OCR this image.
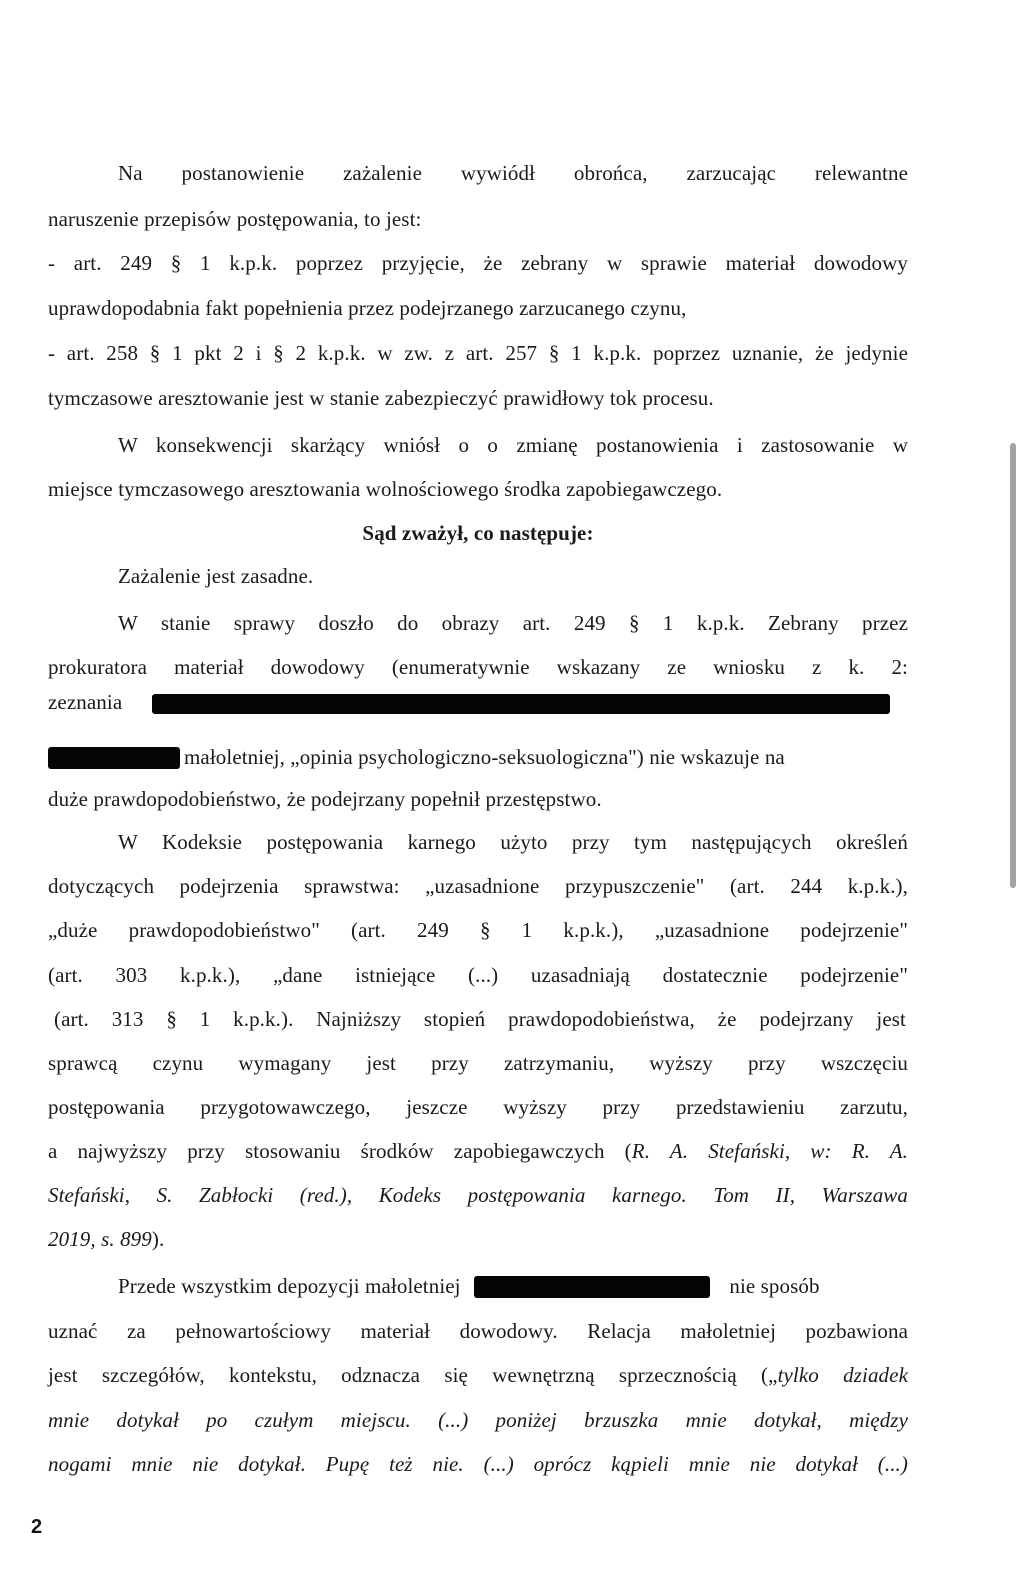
Na postanowienie zażalenie wywiódł obrońca, zarzucając relewantne
naruszenie przepisów postępowania, to jest:
- art. 249 § 1 k.p.k. poprzez przyjęcie, że zebrany w sprawie materiał dowodowy
uprawdopodabnia fakt popełnienia przez podejrzanego zarzucanego czynu,
- art. 258 § 1 pkt 2 i § 2 k.p.k. w zw. z art. 257 § 1 k.p.k. poprzez uznanie, że jedynie
tymczasowe aresztowanie jest w stanie zabezpieczyć prawidłowy tok procesu.
W konsekwencji skarżący wniósł o o zmianę postanowienia i zastosowanie w
miejsce tymczasowego aresztowania wolnościowego środka zapobiegawczego.
Sąd zważył, co następuje:
Zażalenie jest zasadne.
W stanie sprawy doszło do obrazy art. 249 § 1 k.p.k. Zebrany przez
prokuratora materiał dowodowy (enumeratywnie wskazany ze wniosku z k. 2:
zeznania
małoletniej, „opinia psychologiczno-seksuologiczna") nie wskazuje na
duże prawdopodobieństwo, że podejrzany popełnił przestępstwo.
W Kodeksie postępowania karnego użyto przy tym następujących określeń
dotyczących podejrzenia sprawstwa: „uzasadnione przypuszczenie" (art. 244 k.p.k.),
„duże prawdopodobieństwo" (art. 249 § 1 k.p.k.), „uzasadnione podejrzenie"
(art. 303 k.p.k.), „dane istniejące (...) uzasadniają dostatecznie podejrzenie"
(art. 313 § 1 k.p.k.). Najniższy stopień prawdopodobieństwa, że podejrzany jest
sprawcą czynu wymagany jest przy zatrzymaniu, wyższy przy wszczęciu
postępowania przygotowawczego, jeszcze wyższy przy przedstawieniu zarzutu,
a najwyższy przy stosowaniu środków zapobiegawczych (R. A. Stefański, w: R. A.
Stefański, S. Zabłocki (red.), Kodeks postępowania karnego. Tom II, Warszawa
2019, s. 899).
Przede wszystkim depozycji małoletniej	nie sposób
uznać za pełnowartościowy materiał dowodowy. Relacja małoletniej pozbawiona
jest szczegółów, kontekstu, odznacza się wewnętrzną sprzecznością („tylko dziadek
mnie dotykał po czułym miejscu. (...) poniżej brzuszka mnie dotykał, między
nogami mnie nie dotykał. Pupę też nie. (...) oprócz kąpieli mnie nie dotykał (...)
2
